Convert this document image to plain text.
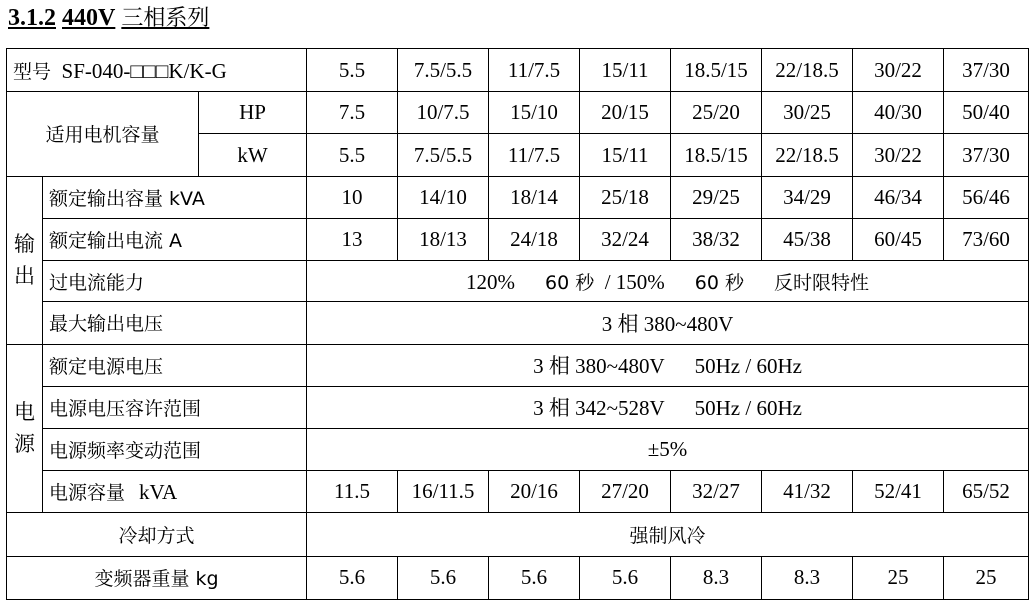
3.1.2 440V 三相系列
型号 SF-040-□□□K/K-G			5.5	7.5/5.5	11/7.5	15/11	18.5/15	22/18.5	30/22	37/30
适用电机容量		HP	7.5	10/7.5	15/10	20/15	25/20	30/25	40/30	50/40
		kW	5.5	7.5/5.5	11/7.5	15/11	18.5/15	22/18.5	30/22	37/30

输
出	额定输出容量 kVA		10	14/10	18/14	25/18	29/25	34/29	46/34	56/46
	额定输出电流 A		13	18/13	24/18	32/24	38/32	45/38	60/45	73/60
	过电流能力		120% 60 秒 / 150% 60 秒 反时限特性							
	最大输出电压		3 相 380~480V							

电
源	额定电源电压		3 相 380~480V 50Hz / 60Hz							
	电源电压容许范围		3 相 342~528V 50Hz / 60Hz							
	电源频率变动范围		±5%							
	电源容量 kVA		11.5	16/11.5	20/16	27/20	32/27	41/32	52/41	65/52
冷却方式			强制风冷							
变频器重量 kg			5.6	5.6	5.6	5.6	8.3	8.3	25	25
